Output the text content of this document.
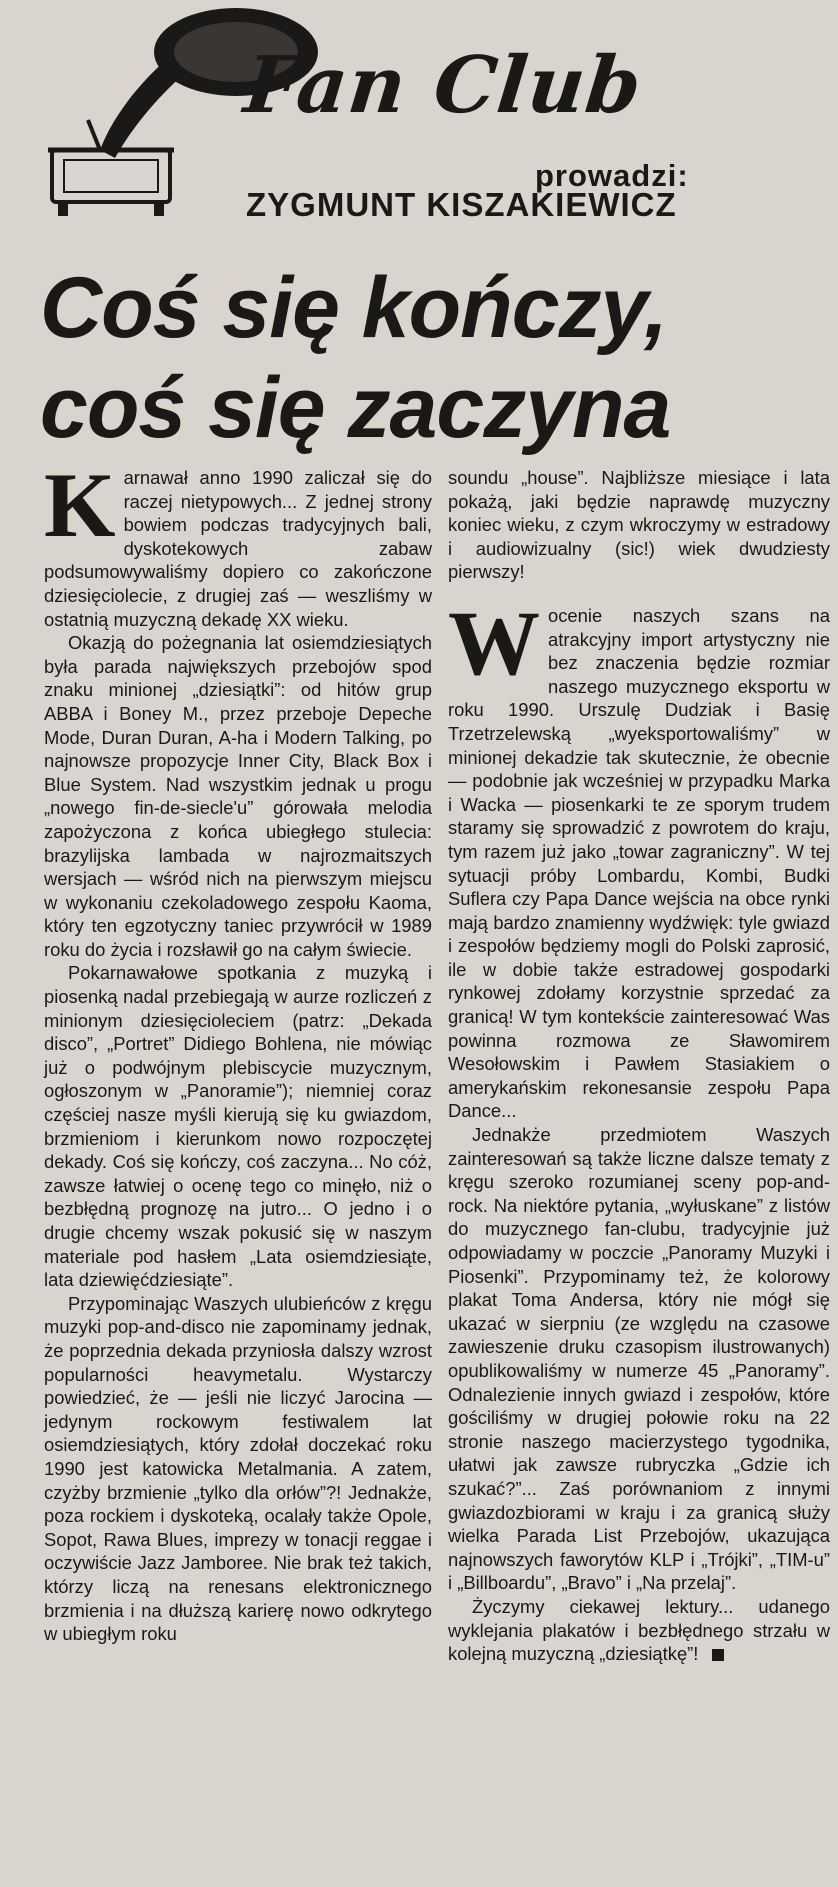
Fan Club
prowadzi:
ZYGMUNT KISZAKIEWICZ
Coś się kończy,
coś się zaczyna

Karnawał anno 1990 zaliczał się do raczej nietypowych... Z jednej strony bowiem podczas tradycyjnych bali, dyskotekowych zabaw podsumowywaliśmy dopiero co zakończone dziesięciolecie, z drugiej zaś — weszliśmy w ostatnią muzyczną dekadę XX wieku.

Okazją do pożegnania lat osiemdziesiątych była parada największych przebojów spod znaku minionej „dziesiątki”: od hitów grup ABBA i Boney M., przez przeboje Depeche Mode, Duran Duran, A-ha i Modern Talking, po najnowsze propozycje Inner City, Black Box i Blue System. Nad wszystkim jednak u progu „nowego fin-de-siecle'u” górowała melodia zapożyczona z końca ubiegłego stulecia: brazylijska lambada w najrozmaitszych wersjach — wśród nich na pierwszym miejscu w wykonaniu czekoladowego zespołu Kaoma, który ten egzotyczny taniec przywrócił w 1989 roku do życia i rozsławił go na całym świecie.

Pokarnawałowe spotkania z muzyką i piosenką nadal przebiegają w aurze rozliczeń z minionym dziesięcioleciem (patrz: „Dekada disco”, „Portret” Didiego Bohlena, nie mówiąc już o podwójnym plebiscycie muzycznym, ogłoszonym w „Panoramie”); niemniej coraz częściej nasze myśli kierują się ku gwiazdom, brzmieniom i kierunkom nowo rozpoczętej dekady. Coś się kończy, coś zaczyna... No cóż, zawsze łatwiej o ocenę tego co minęło, niż o bezbłędną prognozę na jutro... O jedno i o drugie chcemy wszak pokusić się w naszym materiale pod hasłem „Lata osiemdziesiąte, lata dziewięćdziesiąte”.

Przypominając Waszych ulubieńców z kręgu muzyki pop-and-disco nie zapominamy jednak, że poprzednia dekada przyniosła dalszy wzrost popularności heavymetalu. Wystarczy powiedzieć, że — jeśli nie liczyć Jarocina — jedynym rockowym festiwalem lat osiemdziesiątych, który zdołał doczekać roku 1990 jest katowicka Metalmania. A zatem, czyżby brzmienie „tylko dla orłów”?! Jednakże, poza rockiem i dyskoteką, ocalały także Opole, Sopot, Rawa Blues, imprezy w tonacji reggae i oczywiście Jazz Jamboree. Nie brak też takich, którzy liczą na renesans elektronicznego brzmienia i na dłuższą karierę nowo odkrytego w ubiegłym roku

soundu „house”. Najbliższe miesiące i lata pokażą, jaki będzie naprawdę muzyczny koniec wieku, z czym wkroczymy w estradowy i audiowizualny (sic!) wiek dwudziesty pierwszy!

Wocenie naszych szans na atrakcyjny import artystyczny nie bez znaczenia będzie rozmiar naszego muzycznego eksportu w roku 1990. Urszulę Dudziak i Basię Trzetrzelewską „wyeksportowaliśmy” w minionej dekadzie tak skutecznie, że obecnie — podobnie jak wcześniej w przypadku Marka i Wacka — piosenkarki te ze sporym trudem staramy się sprowadzić z powrotem do kraju, tym razem już jako „towar zagraniczny”. W tej sytuacji próby Lombardu, Kombi, Budki Suflera czy Papa Dance wejścia na obce rynki mają bardzo znamienny wydźwięk: tyle gwiazd i zespołów będziemy mogli do Polski zaprosić, ile w dobie także estradowej gospodarki rynkowej zdołamy korzystnie sprzedać za granicą! W tym kontekście zainteresować Was powinna rozmowa ze Sławomirem Wesołowskim i Pawłem Stasiakiem o amerykańskim rekonesansie zespołu Papa Dance...

Jednakże przedmiotem Waszych zainteresowań są także liczne dalsze tematy z kręgu szeroko rozumianej sceny pop-and-rock. Na niektóre pytania, „wyłuskane” z listów do muzycznego fan-clubu, tradycyjnie już odpowiadamy w poczcie „Panoramy Muzyki i Piosenki”. Przypominamy też, że kolorowy plakat Toma Andersa, który nie mógł się ukazać w sierpniu (ze względu na czasowe zawieszenie druku czasopism ilustrowanych) opublikowaliśmy w numerze 45 „Panoramy”. Odnalezienie innych gwiazd i zespołów, które gościliśmy w drugiej połowie roku na 22 stronie naszego macierzystego tygodnika, ułatwi jak zawsze rubryczka „Gdzie ich szukać?”... Zaś porównaniom z innymi gwiazdozbiorami w kraju i za granicą służy wielka Parada List Przebojów, ukazująca najnowszych faworytów KLP i „Trójki”, „TIM-u” i „Billboardu”, „Bravo” i „Na przelaj”.

Życzymy ciekawej lektury... udanego wyklejania plakatów i bezbłędnego strzału w kolejną muzyczną „dziesiątkę”!
